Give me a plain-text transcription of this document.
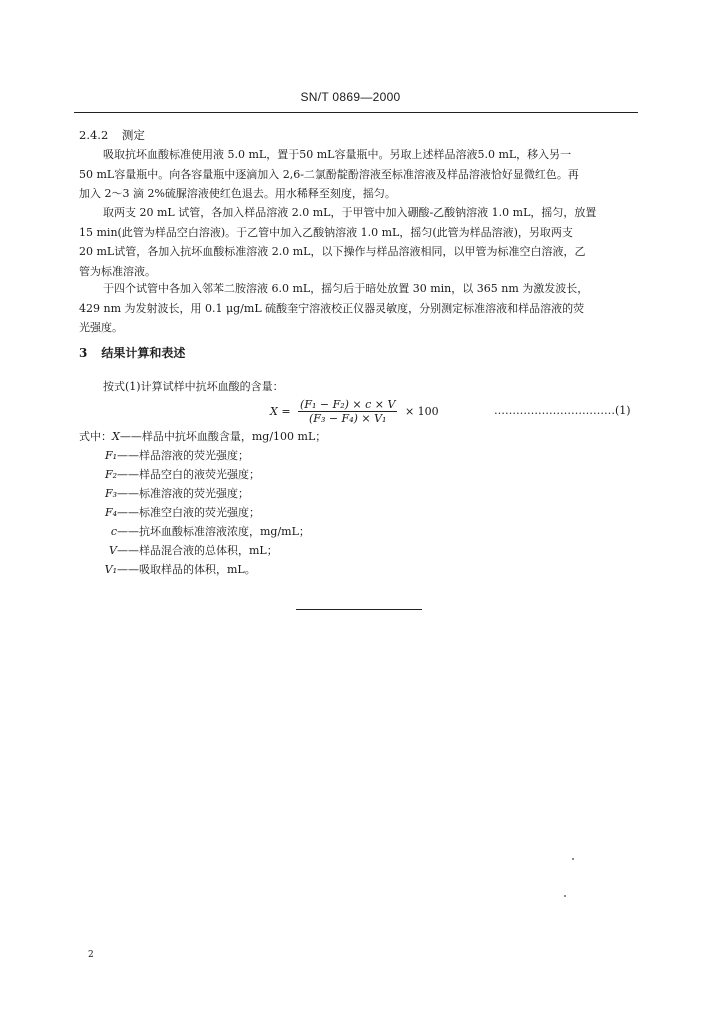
SN/T 0869—2000
2.4.2 测定
吸取抗坏血酸标准使用液 5.0 mL，置于50 mL容量瓶中。另取上述样品溶液5.0 mL，移入另一
50 mL容量瓶中。向各容量瓶中逐滴加入 2,6-二氯酚靛酚溶液至标准溶液及样品溶液恰好显微红色。再
加入 2～3 滴 2%硫脲溶液使红色退去。用水稀释至刻度，摇匀。
取两支 20 mL 试管，各加入样品溶液 2.0 mL，于甲管中加入硼酸-乙酸钠溶液 1.0 mL，摇匀，放置
15 min(此管为样品空白溶液)。于乙管中加入乙酸钠溶液 1.0 mL，摇匀(此管为样品溶液)，另取两支
20 mL试管，各加入抗坏血酸标准溶液 2.0 mL，以下操作与样品溶液相同，以甲管为标准空白溶液，乙
管为标准溶液。
于四个试管中各加入邻苯二胺溶液 6.0 mL，摇匀后于暗处放置 30 min，以 365 nm 为激发波长，
429 nm 为发射波长，用 0.1 μg/mL 硫酸奎宁溶液校正仪器灵敏度，分别测定标准溶液和样品溶液的荧
光强度。
3 结果计算和表述
按式(1)计算试样中抗坏血酸的含量：
$X = \frac{\text{(F₁ − F₂) × c × V}}{\text{(F₃ − F₄) × V₁}} \times 100$	……………………………(1)
式中：X——样品中抗坏血酸含量，mg/100 mL；
F₁——样品溶液的荧光强度；
F₂——样品空白的液荧光强度；
F₃——标准溶液的荧光强度；
F₄——标准空白液的荧光强度；
c——抗坏血酸标准溶液浓度，mg/mL；
V——样品混合液的总体积，mL；
V₁——吸取样品的体积，mL。
2
